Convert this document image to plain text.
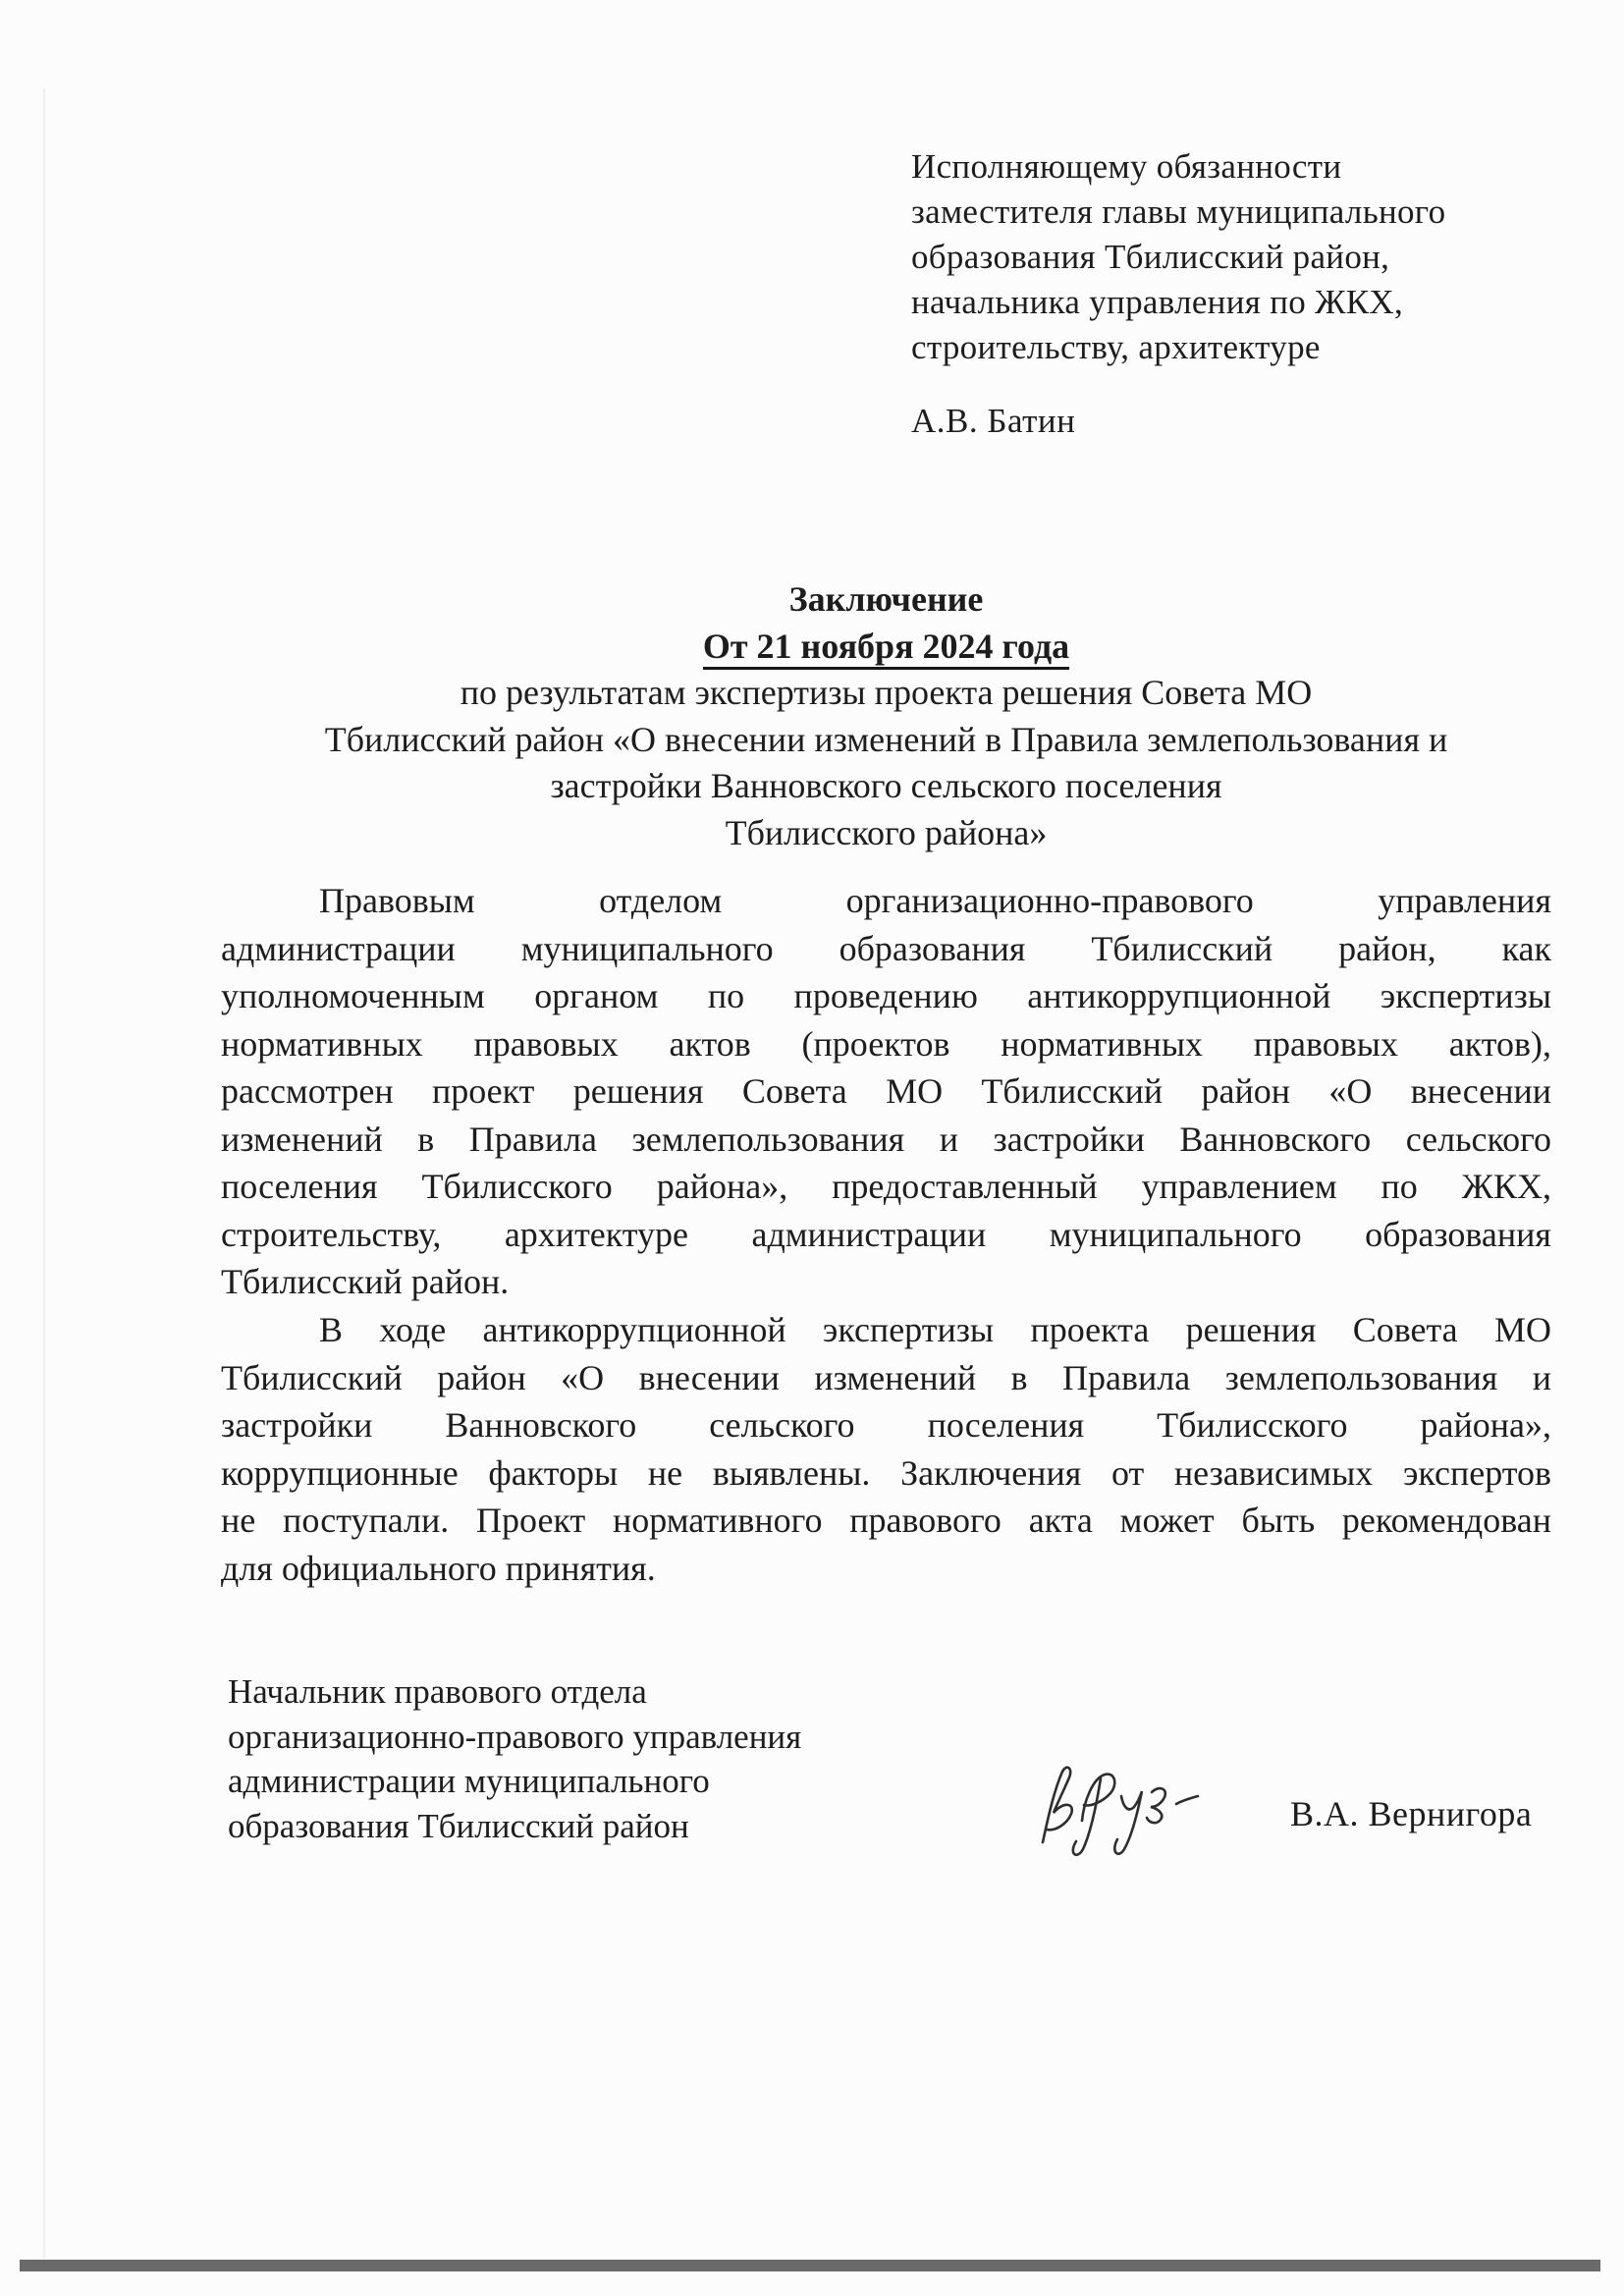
Исполняющему обязанности
заместителя главы муниципального
образования Тбилисский район,
начальника управления по ЖКХ,
строительству, архитектуре
А.В. Батин
Заключение
От 21 ноября 2024 года
по результатам экспертизы проекта решения Совета МО
Тбилисский район «О внесении изменений в Правила землепользования и
застройки Ванновского сельского поселения
Тбилисского района»
Правовым отделом организационно-правового управления
администрации муниципального образования Тбилисский район, как
уполномоченным органом по проведению антикоррупционной экспертизы
нормативных правовых актов (проектов нормативных правовых актов),
рассмотрен проект решения Совета МО Тбилисский район «О внесении
изменений в Правила землепользования и застройки Ванновского сельского
поселения Тбилисского района», предоставленный управлением по ЖКХ,
строительству, архитектуре администрации муниципального образования
Тбилисский район.
В ходе антикоррупционной экспертизы проекта решения Совета МО
Тбилисский район «О внесении изменений в Правила землепользования и
застройки Ванновского сельского поселения Тбилисского района»,
коррупционные факторы не выявлены. Заключения от независимых экспертов
не поступали. Проект нормативного правового акта может быть рекомендован
для официального принятия.
Начальник правового отдела
организационно-правового управления
администрации муниципального
образования Тбилисский район	В.А. Вернигора
